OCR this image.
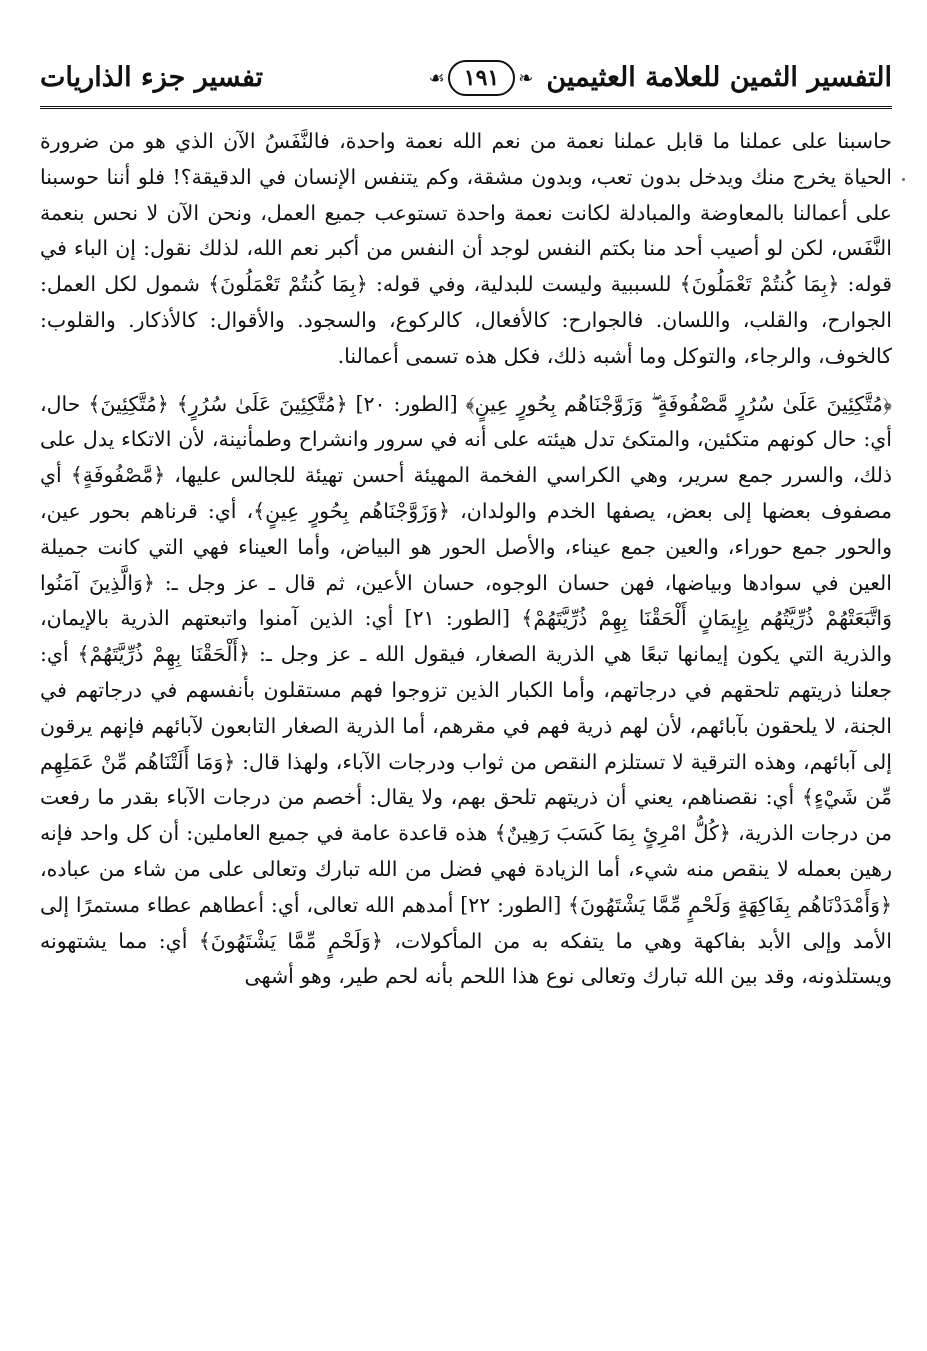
التفسير الثمين للعلامة العثيمين
❧
١٩١
☙
تفسير جزء الذاريات

حاسبنا على عملنا ما قابل عملنا نعمة من نعم الله نعمة واحدة، فالنَّفَسُ الآن الذي هو من ضرورة الحياة يخرج منك ويدخل بدون تعب، وبدون مشقة، وكم يتنفس الإنسان في الدقيقة؟! فلو أننا حوسبنا على أعمالنا بالمعاوضة والمبادلة لكانت نعمة واحدة تستوعب جميع العمل، ونحن الآن لا نحس بنعمة النَّفَس، لكن لو أصيب أحد منا بكتم النفس لوجد أن النفس من أكبر نعم الله، لذلك نقول: إن الباء في قوله: ﴿بِمَا كُنتُمْ تَعْمَلُونَ﴾ للسببية وليست للبدلية، وفي قوله: ﴿بِمَا كُنتُمْ تَعْمَلُونَ﴾ شمول لكل العمل: الجوارح، والقلب، واللسان. فالجوارح: كالأفعال، كالركوع، والسجود. والأقوال: كالأذكار. والقلوب: كالخوف، والرجاء، والتوكل وما أشبه ذلك، فكل هذه تسمى أعمالنا.

﴿مُتَّكِئِينَ عَلَىٰ سُرُرٍ مَّصْفُوفَةٍ ۖ وَزَوَّجْنَاهُم بِحُورٍ عِينٍ﴾ [الطور: ٢٠] ﴿مُتَّكِئِينَ عَلَىٰ سُرُرٍ﴾ ﴿مُتَّكِئِينَ﴾ حال، أي: حال كونهم متكئين، والمتكئ تدل هيئته على أنه في سرور وانشراح وطمأنينة، لأن الاتكاء يدل على ذلك، والسرر جمع سرير، وهي الكراسي الفخمة المهيئة أحسن تهيئة للجالس عليها، ﴿مَّصْفُوفَةٍ﴾ أي مصفوف بعضها إلى بعض، يصفها الخدم والولدان، ﴿وَزَوَّجْنَاهُم بِحُورٍ عِينٍ﴾، أي: قرناهم بحور عين، والحور جمع حوراء، والعين جمع عيناء، والأصل الحور هو البياض، وأما العيناء فهي التي كانت جميلة العين في سوادها وبياضها، فهن حسان الوجوه، حسان الأعين، ثم قال ـ عز وجل ـ: ﴿وَالَّذِينَ آمَنُوا وَاتَّبَعَتْهُمْ ذُرِّيَّتُهُم بِإِيمَانٍ أَلْحَقْنَا بِهِمْ ذُرِّيَّتَهُمْ﴾ [الطور: ٢١] أي: الذين آمنوا واتبعتهم الذرية بالإيمان، والذرية التي يكون إيمانها تبعًا هي الذرية الصغار، فيقول الله ـ عز وجل ـ: ﴿أَلْحَقْنَا بِهِمْ ذُرِّيَّتَهُمْ﴾ أي: جعلنا ذريتهم تلحقهم في درجاتهم، وأما الكبار الذين تزوجوا فهم مستقلون بأنفسهم في درجاتهم في الجنة، لا يلحقون بآبائهم، لأن لهم ذرية فهم في مقرهم، أما الذرية الصغار التابعون لآبائهم فإنهم يرقون إلى آبائهم، وهذه الترقية لا تستلزم النقص من ثواب ودرجات الآباء، ولهذا قال: ﴿وَمَا أَلَتْنَاهُم مِّنْ عَمَلِهِم مِّن شَيْءٍ﴾ أي: نقصناهم، يعني أن ذريتهم تلحق بهم، ولا يقال: أخصم من درجات الآباء بقدر ما رفعت من درجات الذرية، ﴿كُلُّ امْرِئٍ بِمَا كَسَبَ رَهِينٌ﴾ هذه قاعدة عامة في جميع العاملين: أن كل واحد فإنه رهين بعمله لا ينقص منه شيء، أما الزيادة فهي فضل من الله تبارك وتعالى على من شاء من عباده، ﴿وَأَمْدَدْنَاهُم بِفَاكِهَةٍ وَلَحْمٍ مِّمَّا يَشْتَهُونَ﴾ [الطور: ٢٢] أمدهم الله تعالى، أي: أعطاهم عطاء مستمرًا إلى الأمد وإلى الأبد بفاكهة وهي ما يتفكه به من المأكولات، ﴿وَلَحْمٍ مِّمَّا يَشْتَهُونَ﴾ أي: مما يشتهونه ويستلذونه، وقد بين الله تبارك وتعالى نوع هذا اللحم بأنه لحم طير، وهو أشهى
